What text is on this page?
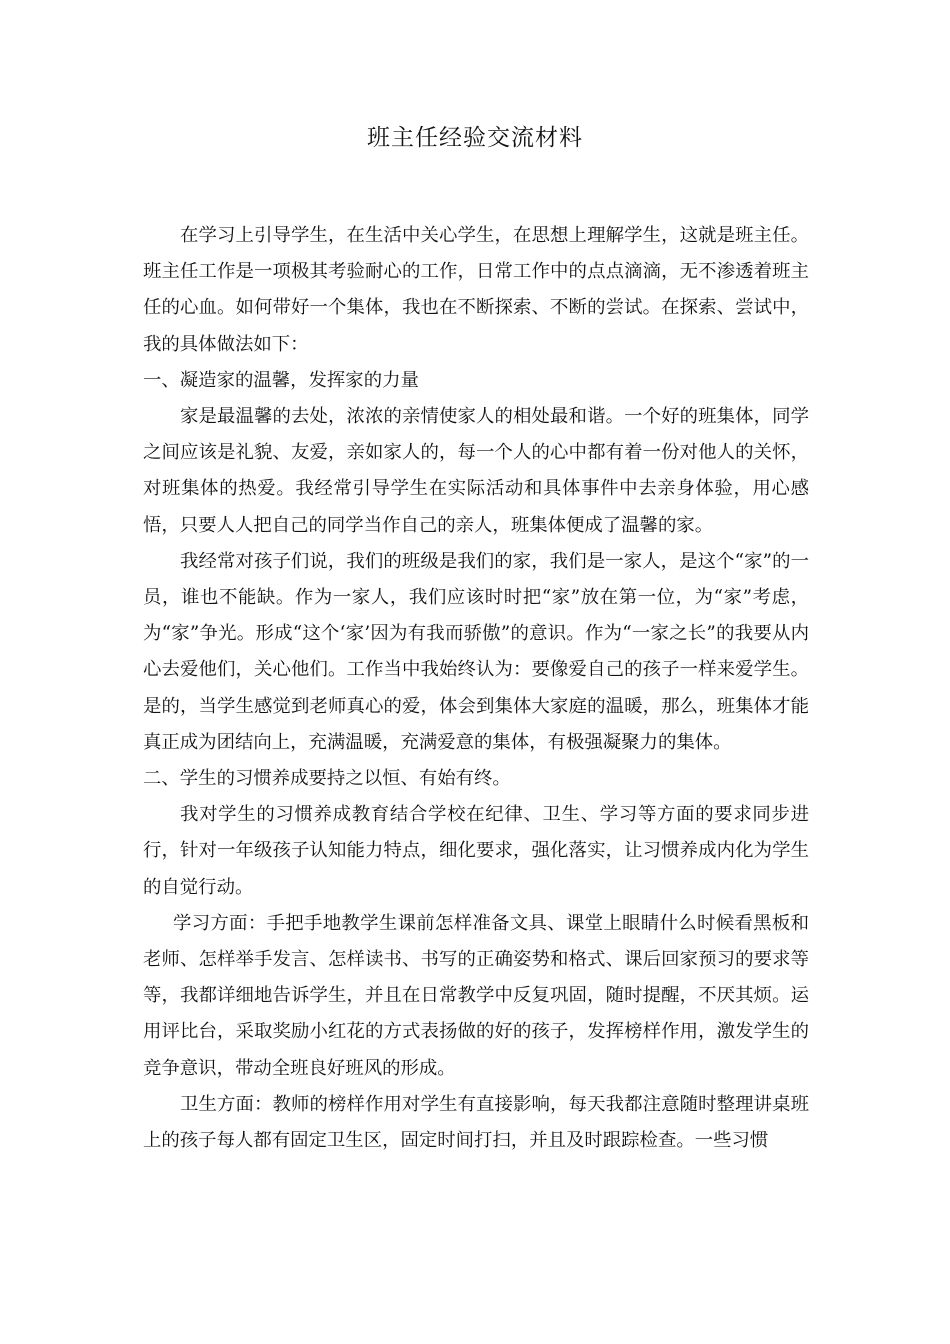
班主任经验交流材料

在学习上引导学生，在生活中关心学生，在思想上理解学生，这就是班主任。班主任工作是一项极其考验耐心的工作，日常工作中的点点滴滴，无不渗透着班主任的心血。如何带好一个集体，我也在不断探索、不断的尝试。在探索、尝试中，我的具体做法如下：

一、凝造家的温馨，发挥家的力量

家是最温馨的去处，浓浓的亲情使家人的相处最和谐。一个好的班集体，同学之间应该是礼貌、友爱，亲如家人的，每一个人的心中都有着一份对他人的关怀，对班集体的热爱。我经常引导学生在实际活动和具体事件中去亲身体验，用心感悟，只要人人把自己的同学当作自己的亲人，班集体便成了温馨的家。

我经常对孩子们说，我们的班级是我们的家，我们是一家人，是这个“家”的一员，谁也不能缺。作为一家人，我们应该时时把“家”放在第一位，为“家”考虑，为“家”争光。形成“这个‘家’因为有我而骄傲”的意识。作为“一家之长”的我要从内心去爱他们，关心他们。工作当中我始终认为：要像爱自己的孩子一样来爱学生。是的，当学生感觉到老师真心的爱，体会到集体大家庭的温暖，那么，班集体才能真正成为团结向上，充满温暖，充满爱意的集体，有极强凝聚力的集体。

二、学生的习惯养成要持之以恒、有始有终。

我对学生的习惯养成教育结合学校在纪律、卫生、学习等方面的要求同步进行，针对一年级孩子认知能力特点，细化要求，强化落实，让习惯养成内化为学生的自觉行动。

学习方面：手把手地教学生课前怎样准备文具、课堂上眼睛什么时候看黑板和老师、怎样举手发言、怎样读书、书写的正确姿势和格式、课后回家预习的要求等等，我都详细地告诉学生，并且在日常教学中反复巩固，随时提醒，不厌其烦。运用评比台，采取奖励小红花的方式表扬做的好的孩子，发挥榜样作用，激发学生的竞争意识，带动全班良好班风的形成。

卫生方面：教师的榜样作用对学生有直接影响，每天我都注意随时整理讲桌班上的孩子每人都有固定卫生区，固定时间打扫，并且及时跟踪检查。一些习惯
